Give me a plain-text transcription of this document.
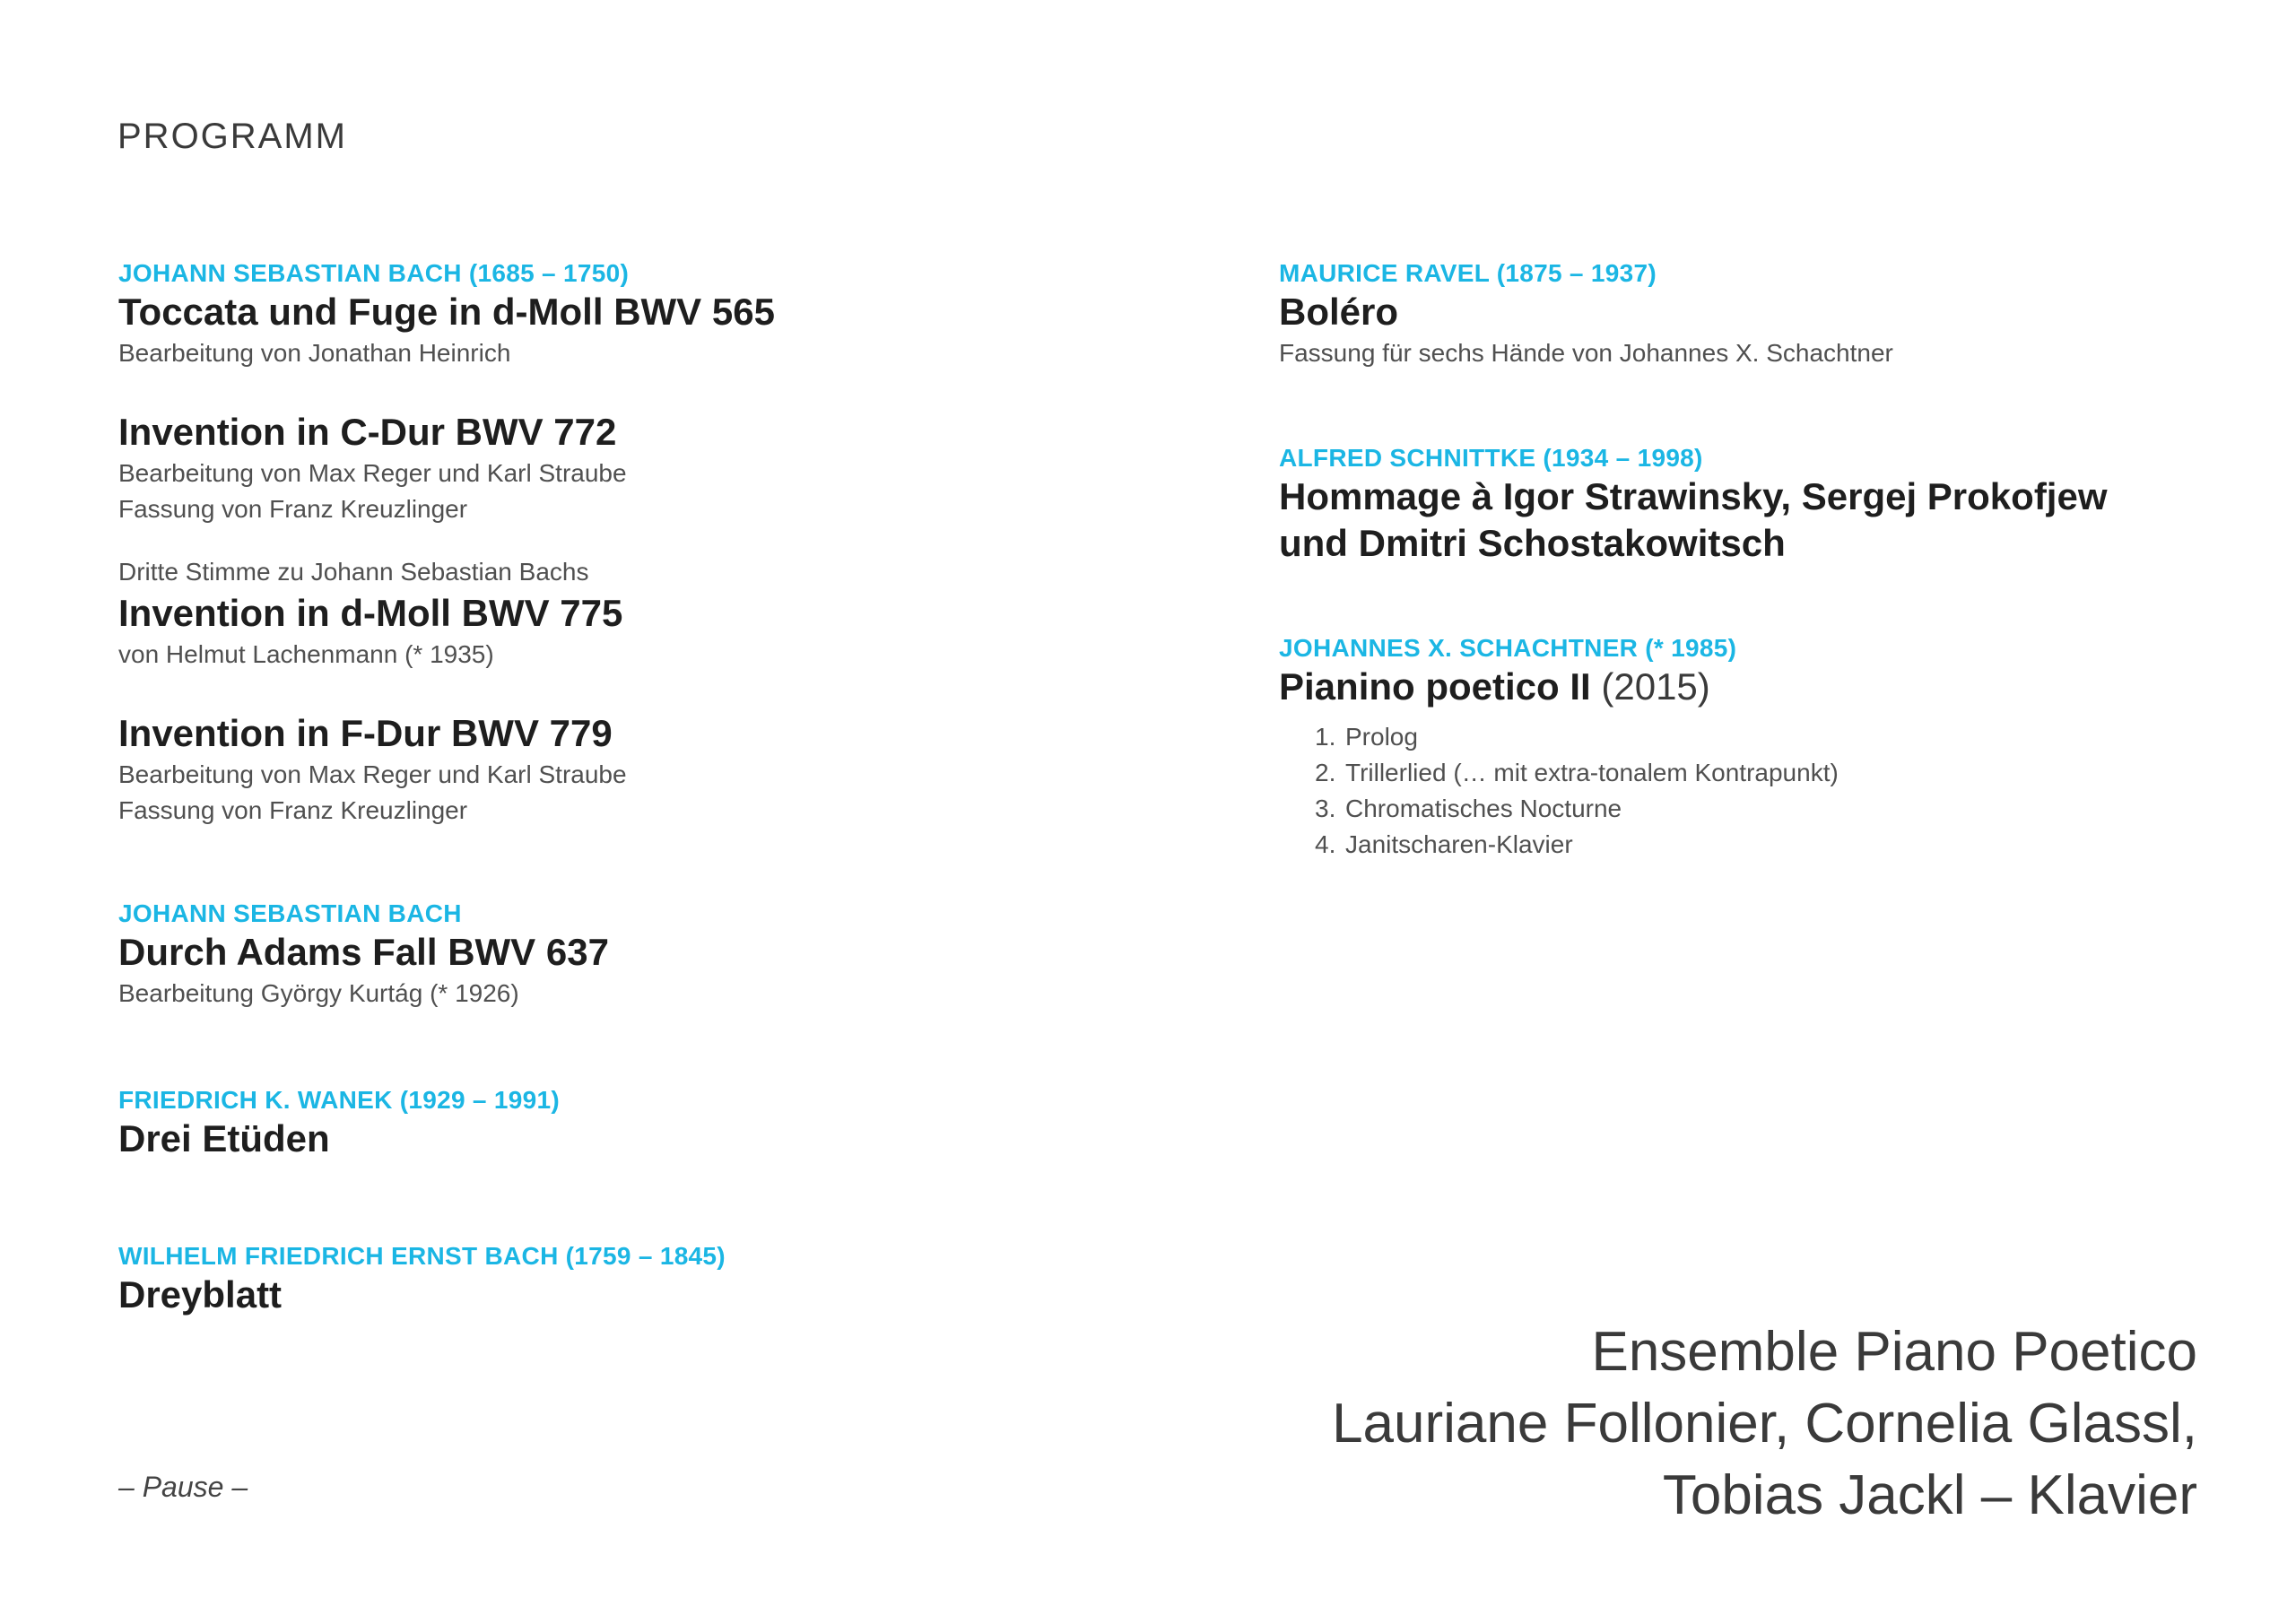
PROGRAMM
JOHANN SEBASTIAN BACH (1685 – 1750)
Toccata und Fuge in d-Moll BWV 565
Bearbeitung von Jonathan Heinrich
Invention in C-Dur BWV 772
Bearbeitung von Max Reger und Karl Straube
Fassung von Franz Kreuzlinger
Dritte Stimme zu Johann Sebastian Bachs
Invention in d-Moll BWV 775
von Helmut Lachenmann (* 1935)
Invention in F-Dur BWV 779
Bearbeitung von Max Reger und Karl Straube
Fassung von Franz Kreuzlinger
JOHANN SEBASTIAN BACH
Durch Adams Fall BWV 637
Bearbeitung György Kurtág (* 1926)
FRIEDRICH K. WANEK (1929 – 1991)
Drei Etüden
WILHELM FRIEDRICH ERNST BACH (1759 – 1845)
Dreyblatt
– Pause –
MAURICE RAVEL (1875 – 1937)
Boléro
Fassung für sechs Hände von Johannes X. Schachtner
ALFRED SCHNITTKE (1934 – 1998)
Hommage à Igor Strawinsky, Sergej Prokofjew
und Dmitri Schostakowitsch
JOHANNES X. SCHACHTNER (* 1985)
Pianino poetico II (2015)
1. Prolog
2. Trillerlied (… mit extra-tonalem Kontrapunkt)
3. Chromatisches Nocturne
4. Janitscharen-Klavier
Ensemble Piano Poetico
Lauriane Follonier, Cornelia Glassl,
Tobias Jackl – Klavier
